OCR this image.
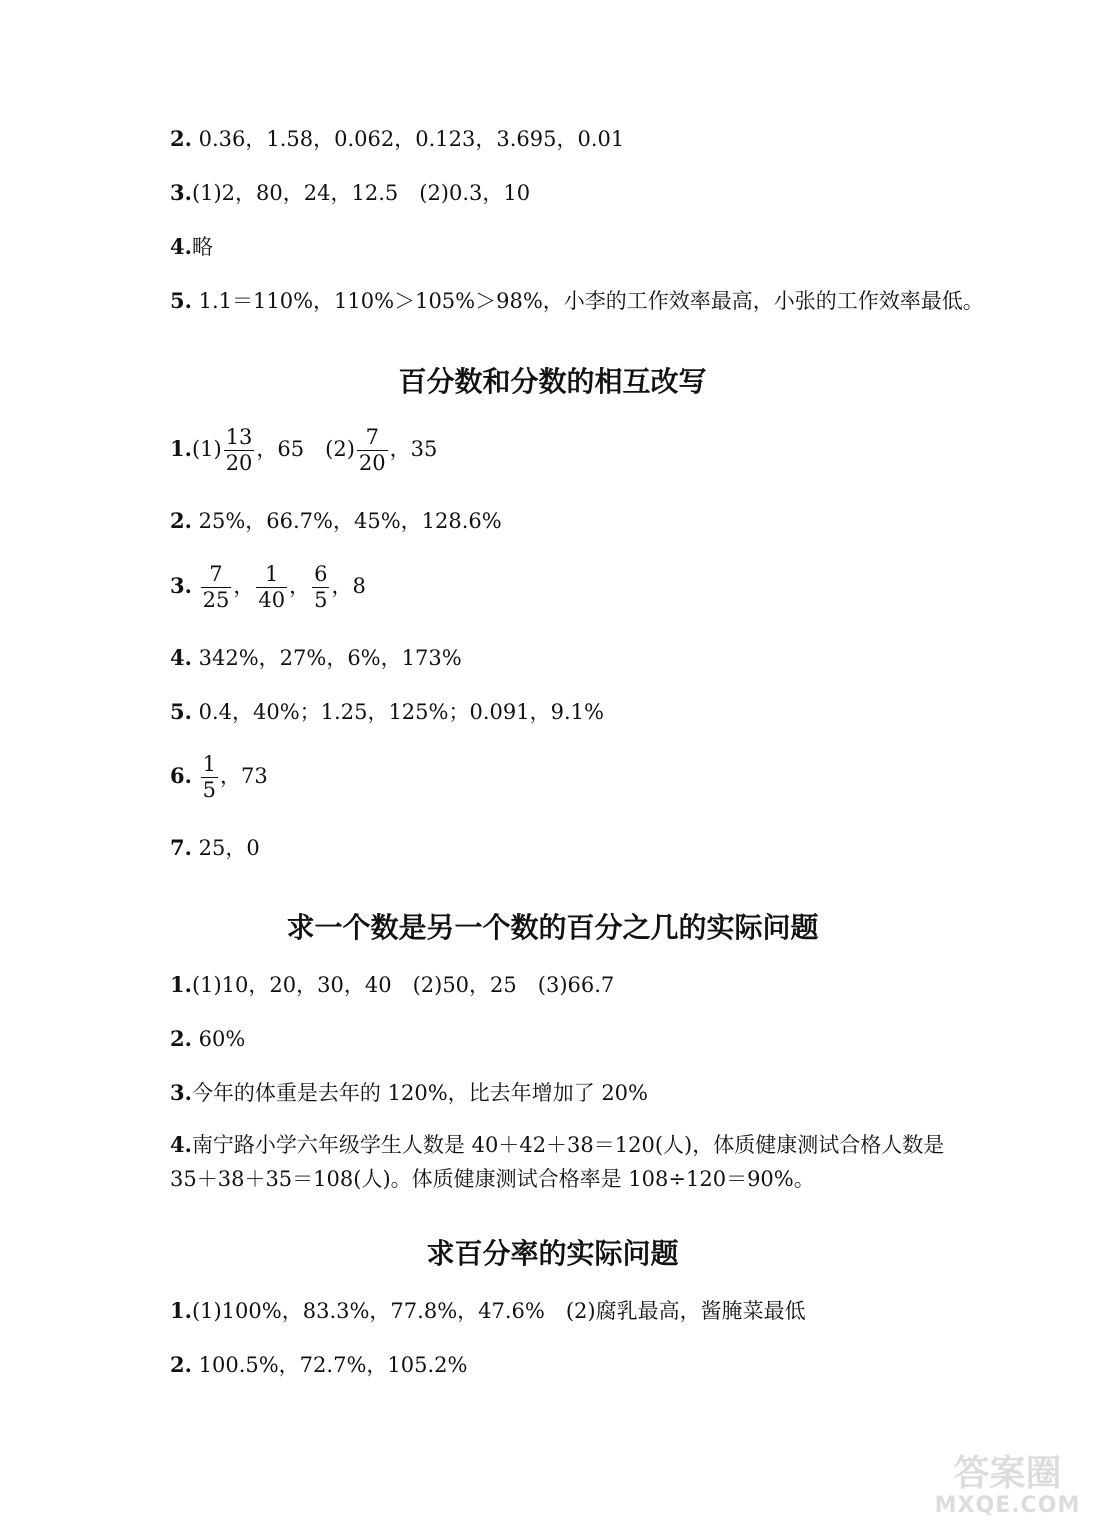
2. 0.36，1.58，0.062，0.123，3.695，0.01
3.(1)2，80，24，12.5　(2)0.3，10
4.略
5. 1.1＝110%，110%＞105%＞98%，小李的工作效率最高，小张的工作效率最低。
百分数和分数的相互改写
$1.(1) \frac{13}{20}$ ，65　$(2) \frac{7}{20}$ ，35
2. 25%，66.7%，45%，128.6%
3. $\frac{7}{25}$ ， $\frac{1}{40}$ ， $\frac{6}{5}$ ，8
4. 342%，27%，6%，173%
5. 0.4，40%；1.25，125%；0.091，9.1%
6. $\frac{1}{5}$ ，73
7. 25，0
求一个数是另一个数的百分之几的实际问题
1.(1)10，20，30，40　(2)50，25　(3)66.7
2. 60%
3.今年的体重是去年的 120%，比去年增加了 20%
4.南宁路小学六年级学生人数是 40＋42＋38＝120(人)，体质健康测试合格人数是 35＋38＋35＝108(人)。体质健康测试合格率是 108÷120＝90%。
求百分率的实际问题
1.(1)100%，83.3%，77.8%，47.6%　(2)腐乳最高，酱腌菜最低
2. 100.5%，72.7%，105.2%
答案圈
MXQE.COM
